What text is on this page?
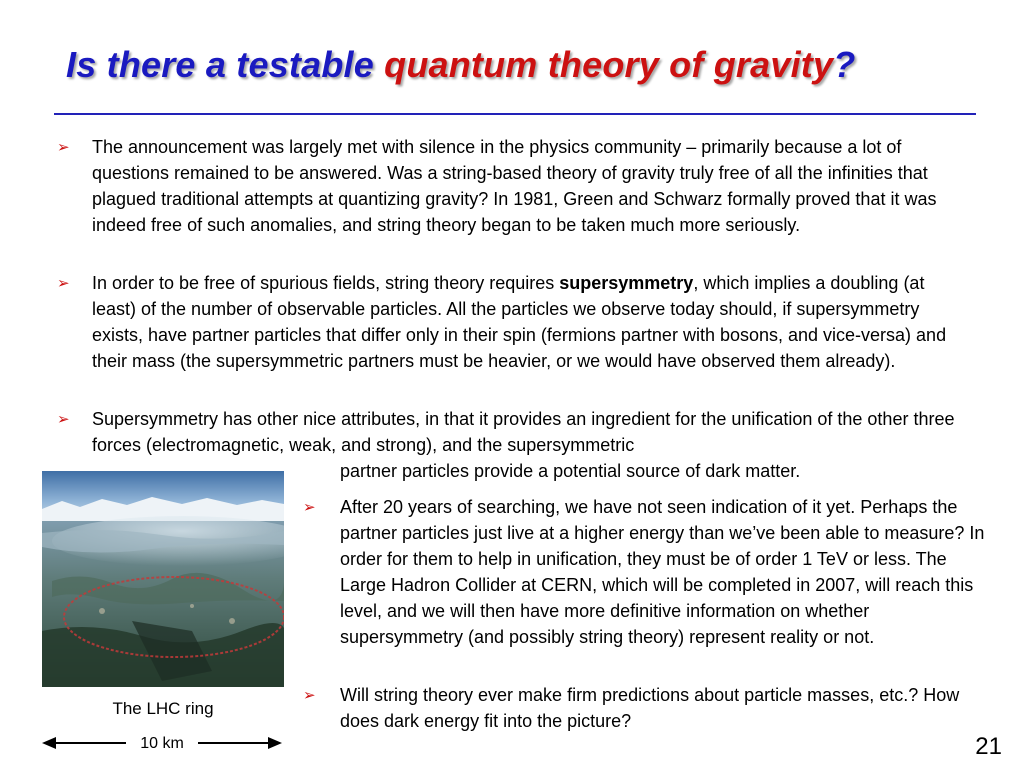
Is there a testable quantum theory of gravity?
➢ The announcement was largely met with silence in the physics community – primarily because a lot of questions remained to be answered. Was a string-based theory of gravity truly free of all the infinities that plagued traditional attempts at quantizing gravity? In 1981, Green and Schwarz formally proved that it was indeed free of such anomalies, and string theory began to be taken much more seriously.
➢ In order to be free of spurious fields, string theory requires supersymmetry, which implies a doubling (at least) of the number of observable particles. All the particles we observe today should, if supersymmetry exists, have partner particles that differ only in their spin (fermions partner with bosons, and vice-versa) and their mass (the supersymmetric partners must be heavier, or we would have observed them already).
➢ Supersymmetry has other nice attributes, in that it provides an ingredient for the unification of the other three forces (electromagnetic, weak, and strong), and the supersymmetric
partner particles provide a potential source of dark matter.
➢ After 20 years of searching, we have not seen indication of it yet. Perhaps the partner particles just live at a higher energy than we’ve been able to measure? In order for them to help in unification, they must be of order 1 TeV or less. The Large Hadron Collider at CERN, which will be completed in 2007, will reach this level, and we will then have more definitive information on whether supersymmetry (and possibly string theory) represent reality or not.
➢ Will string theory ever make firm predictions about particle masses, etc.? How does dark energy fit into the picture?
The LHC ring
10 km	21
